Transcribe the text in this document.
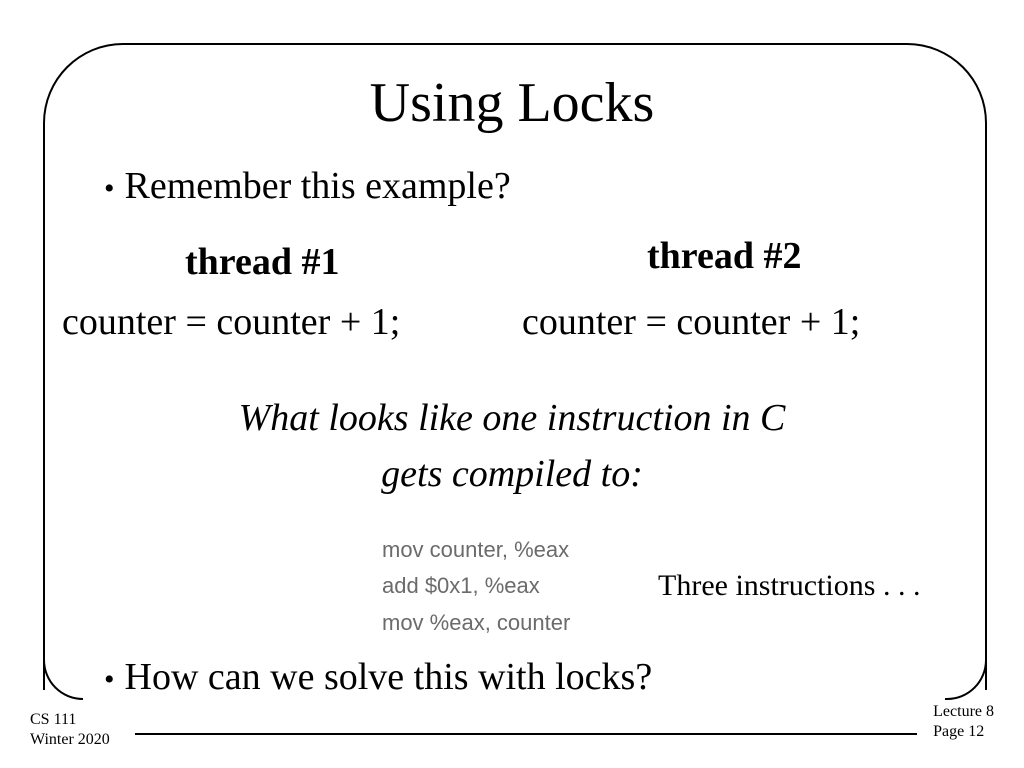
Using Locks
• Remember this example?
thread #1	thread #2
counter = counter + 1;	counter = counter + 1;
What looks like one instruction in C
gets compiled to:
mov counter, %eax
add $0x1, %eax
mov %eax, counter
Three instructions . . .
• How can we solve this with locks?
CS 111
Winter 2020
Lecture 8
Page 12
